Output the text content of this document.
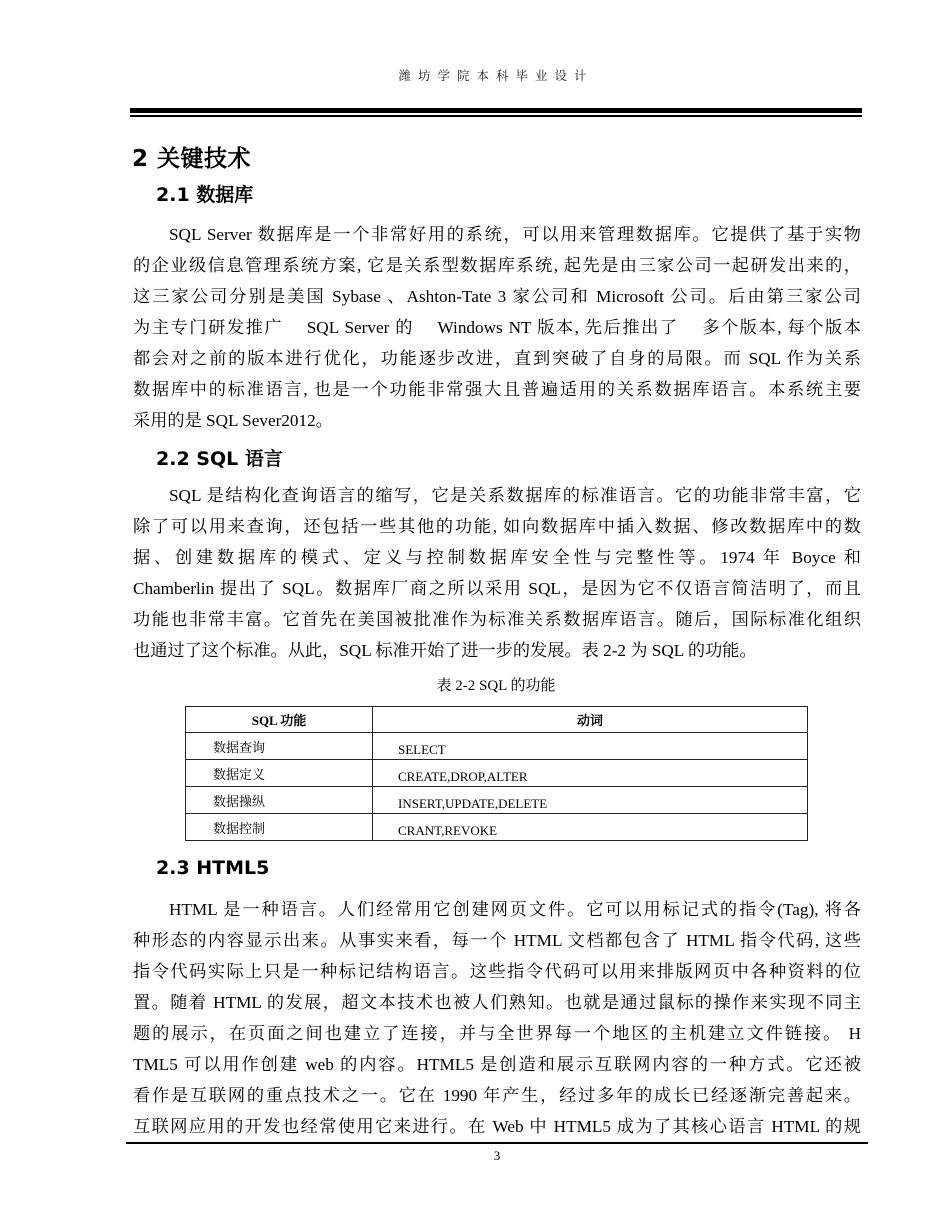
潍坊学院本科毕业设计
2 关键技术
2.1 数据库
SQL Server 数据库是一个非常好用的系统，可以用来管理数据库。它提供了基于实物
的企业级信息管理系统方案, 它是关系型数据库系统, 起先是由三家公司一起研发出来的，
这三家公司分别是美国 Sybase 、Ashton-Tate 3 家公司和 Microsoft 公司。后由第三家公司
为主专门研发推广    SQL Server 的    Windows NT 版本, 先后推出了    多个版本, 每个版本
都会对之前的版本进行优化，功能逐步改进，直到突破了自身的局限。而 SQL 作为关系
数据库中的标准语言, 也是一个功能非常强大且普遍适用的关系数据库语言。本系统主要
采用的是 SQL Sever2012。
2.2 SQL 语言
SQL 是结构化查询语言的缩写，它是关系数据库的标准语言。它的功能非常丰富，它
除了可以用来查询，还包括一些其他的功能, 如向数据库中插入数据、修改数据库中的数
据、创建数据库的模式、定义与控制数据库安全性与完整性等。1974 年 Boyce 和
Chamberlin 提出了 SQL。数据库厂商之所以采用 SQL，是因为它不仅语言简洁明了，而且
功能也非常丰富。它首先在美国被批准作为标准关系数据库语言。随后，国际标准化组织
也通过了这个标准。从此，SQL 标准开始了进一步的发展。表 2-2 为 SQL 的功能。
表 2-2 SQL 的功能
SQL 功能	动词
数据查询	SELECT
数据定义	CREATE,DROP,ALTER
数据操纵	INSERT,UPDATE,DELETE
数据控制	CRANT,REVOKE
2.3 HTML5
HTML 是一种语言。人们经常用它创建网页文件。它可以用标记式的指令(Tag), 将各
种形态的内容显示出来。从事实来看，每一个 HTML 文档都包含了 HTML 指令代码, 这些
指令代码实际上只是一种标记结构语言。这些指令代码可以用来排版网页中各种资料的位
置。随着 HTML 的发展，超文本技术也被人们熟知。也就是通过鼠标的操作来实现不同主
题的展示，在页面之间也建立了连接，并与全世界每一个地区的主机建立文件链接。 H
TML5 可以用作创建 web 的内容。HTML5 是创造和展示互联网内容的一种方式。它还被
看作是互联网的重点技术之一。它在 1990 年产生，经过多年的成长已经逐渐完善起来。
互联网应用的开发也经常使用它来进行。在 Web 中 HTML5 成为了其核心语言 HTML 的规
3
